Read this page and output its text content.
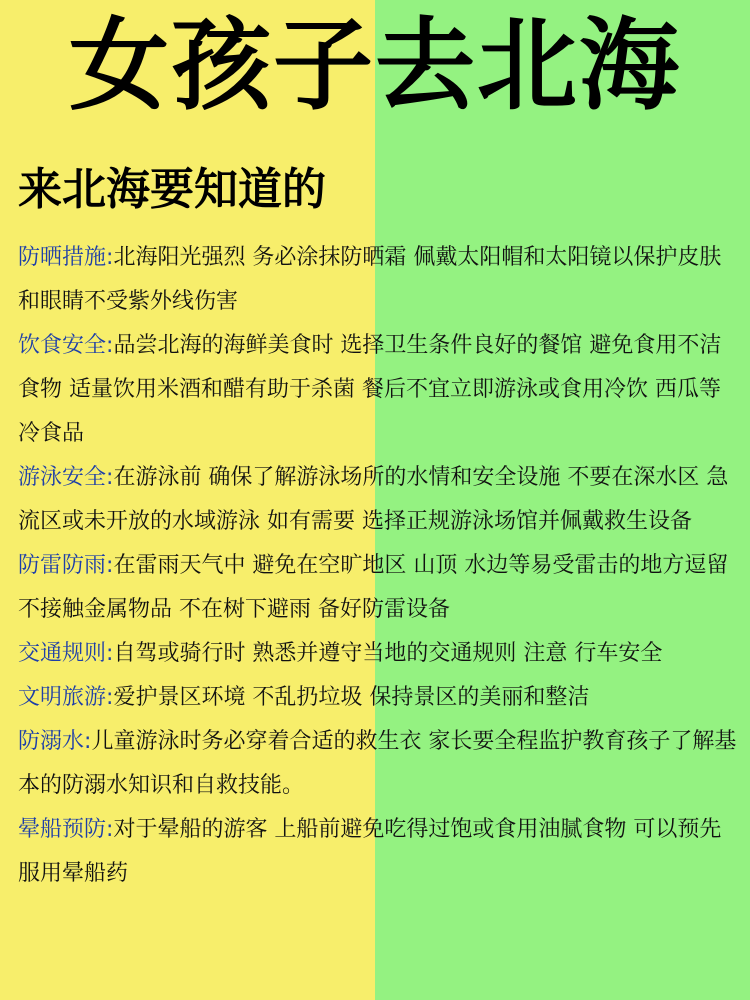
女孩子去北海
来北海要知道的
防晒措施:北海阳光强烈 务必涂抹防晒霜 佩戴太阳帽和太阳镜以保护皮肤和眼睛不受紫外线伤害
饮食安全:品尝北海的海鲜美食时 选择卫生条件良好的餐馆 避免食用不洁食物 适量饮用米酒和醋有助于杀菌 餐后不宜立即游泳或食用冷饮 西瓜等冷食品
游泳安全:在游泳前 确保了解游泳场所的水情和安全设施 不要在深水区 急流区或未开放的水域游泳 如有需要 选择正规游泳场馆并佩戴救生设备
防雷防雨:在雷雨天气中 避免在空旷地区 山顶 水边等易受雷击的地方逗留 不接触金属物品 不在树下避雨 备好防雷设备
交通规则:自驾或骑行时 熟悉并遵守当地的交通规则 注意 行车安全
文明旅游:爱护景区环境 不乱扔垃圾 保持景区的美丽和整洁
防溺水:儿童游泳时务必穿着合适的救生衣 家长要全程监护教育孩子了解基本的防溺水知识和自救技能。
晕船预防:对于晕船的游客 上船前避免吃得过饱或食用油腻食物 可以预先服用晕船药
